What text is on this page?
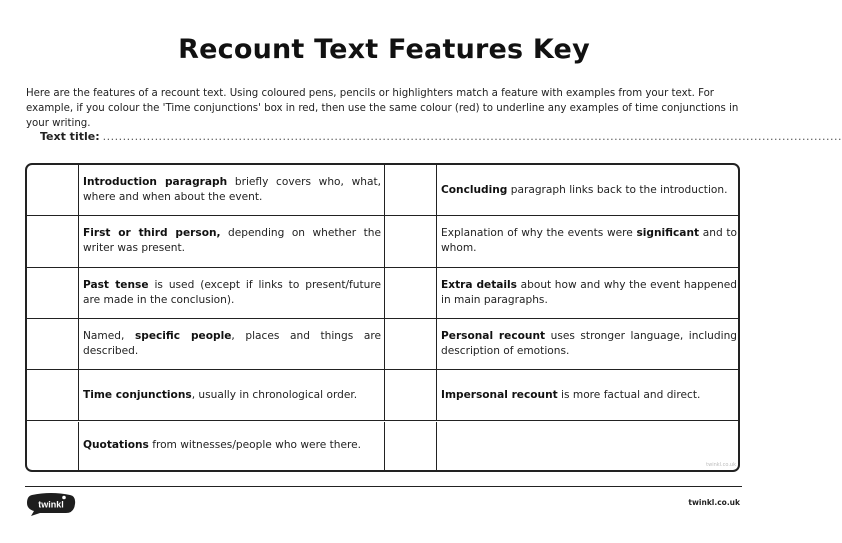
Recount Text Features Key
Here are the features of a recount text. Using coloured pens, pencils or highlighters match a feature with examples from your text. For example, if you colour the 'Time conjunctions' box in red, then use the same colour (red) to underline any examples of time conjunctions in your writing.
Text title: .........................................................................................................................................................................................
Introduction paragraph briefly covers who, what, where and when about the event.
Concluding paragraph links back to the introduction.
First or third person, depending on whether the writer was present.
Explanation of why the events were significant and to whom.
Past tense is used (except if links to present/future are made in the conclusion).
Extra details about how and why the event happened in main paragraphs.
Named, specific people, places and things are described.
Personal recount uses stronger language, including description of emotions.
Time conjunctions, usually in chronological order.	Impersonal recount is more factual and direct.
Quotations from witnesses/people who were there.
twinkl.co.uk
twinkl	twinkl.co.uk
